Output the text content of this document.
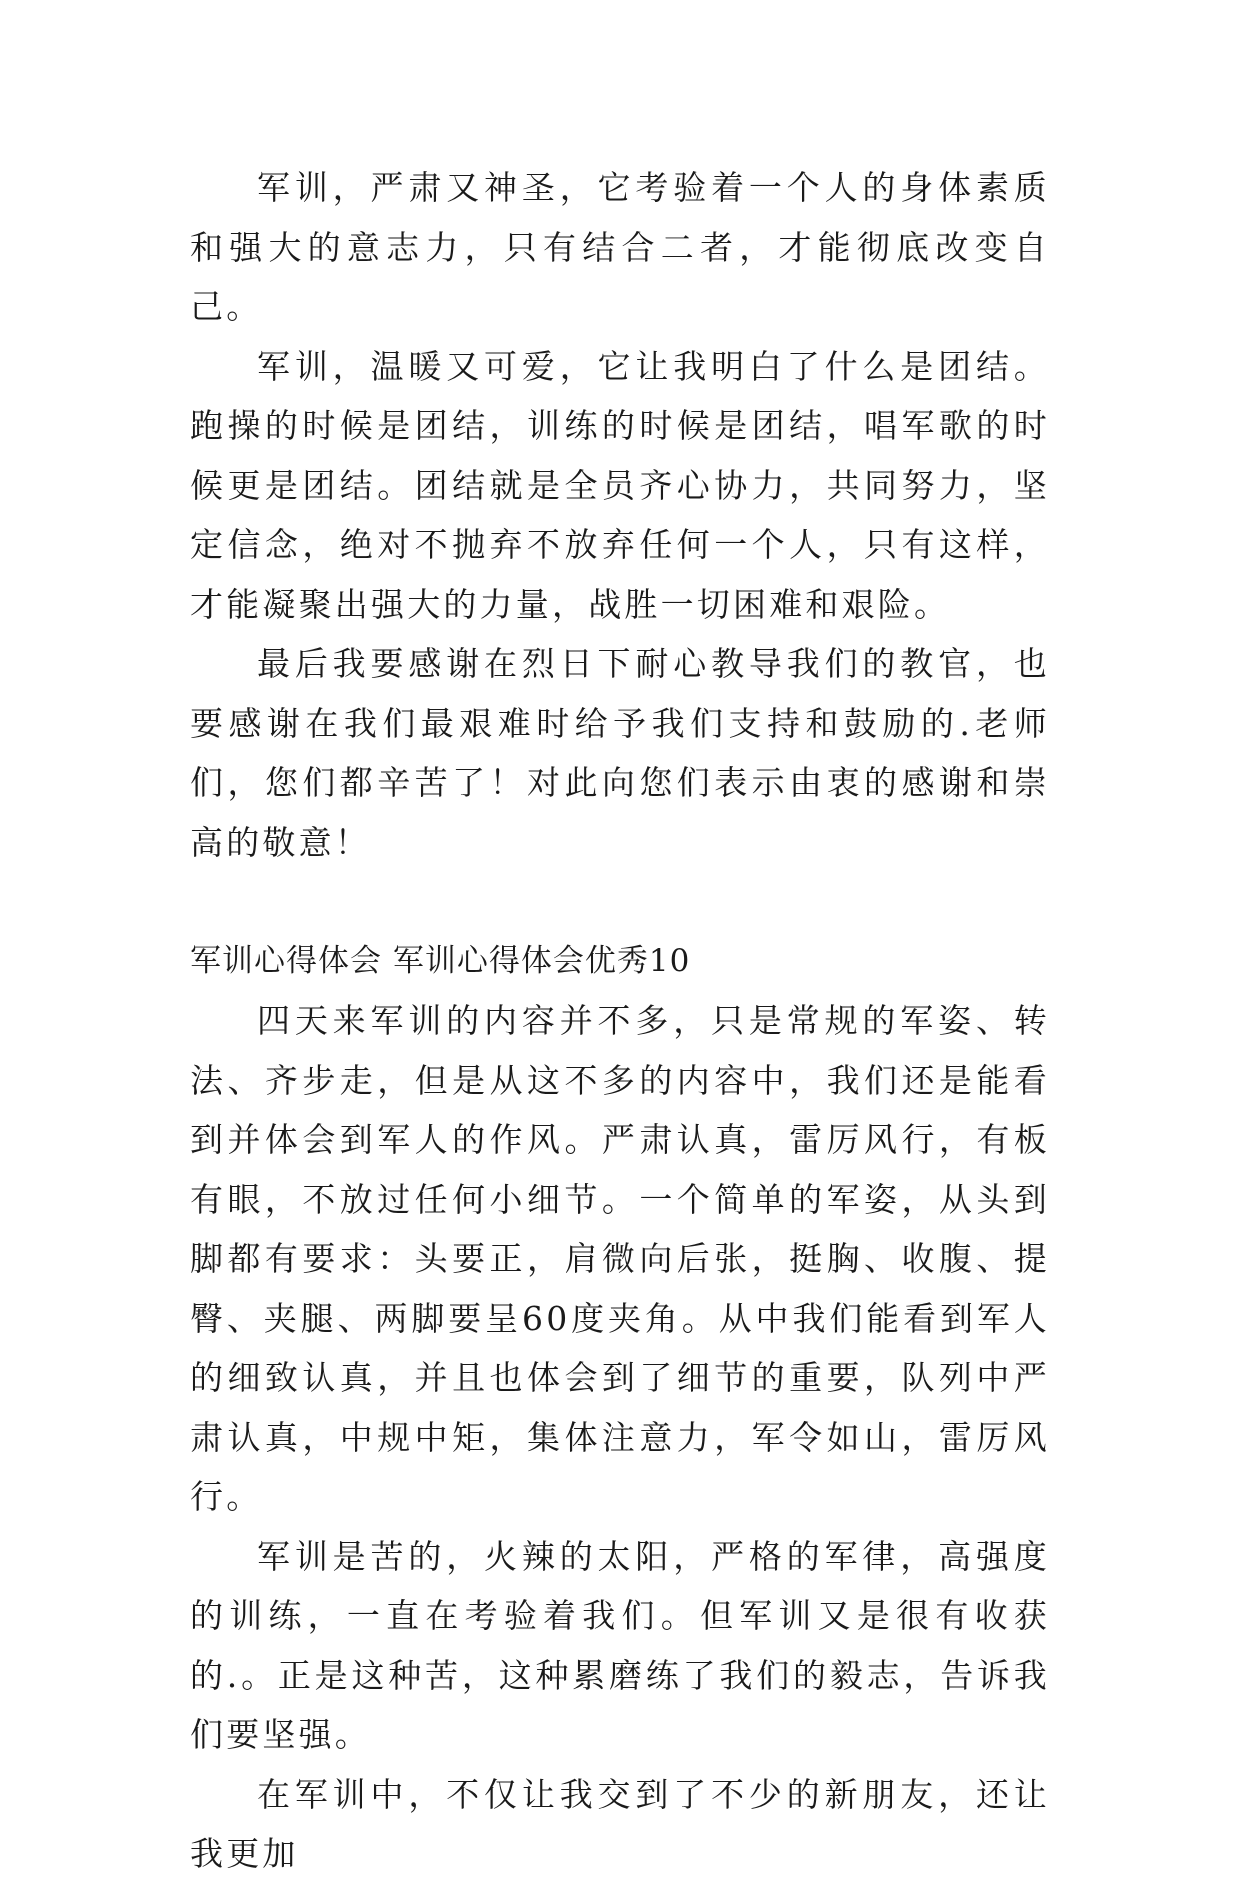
军训，严肃又神圣，它考验着一个人的身体素质和强大的意志力，只有结合二者，才能彻底改变自己。

军训，温暖又可爱，它让我明白了什么是团结。跑操的时候是团结，训练的时候是团结，唱军歌的时候更是团结。团结就是全员齐心协力，共同努力，坚定信念，绝对不抛弃不放弃任何一个人，只有这样，才能凝聚出强大的力量，战胜一切困难和艰险。

最后我要感谢在烈日下耐心教导我们的教官，也要感谢在我们最艰难时给予我们支持和鼓励的.老师们，您们都辛苦了！对此向您们表示由衷的感谢和崇高的敬意！

军训心得体会 军训心得体会优秀10

四天来军训的内容并不多，只是常规的军姿、转法、齐步走，但是从这不多的内容中，我们还是能看到并体会到军人的作风。严肃认真，雷厉风行，有板有眼，不放过任何小细节。一个简单的军姿，从头到脚都有要求：头要正，肩微向后张，挺胸、收腹、提臀、夹腿、两脚要呈60度夹角。从中我们能看到军人的细致认真，并且也体会到了细节的重要，队列中严肃认真，中规中矩，集体注意力，军令如山，雷厉风行。

军训是苦的，火辣的太阳，严格的军律，高强度的训练，一直在考验着我们。但军训又是很有收获的.。正是这种苦，这种累磨练了我们的毅志，告诉我们要坚强。

在军训中，不仅让我交到了不少的新朋友，还让我更加
